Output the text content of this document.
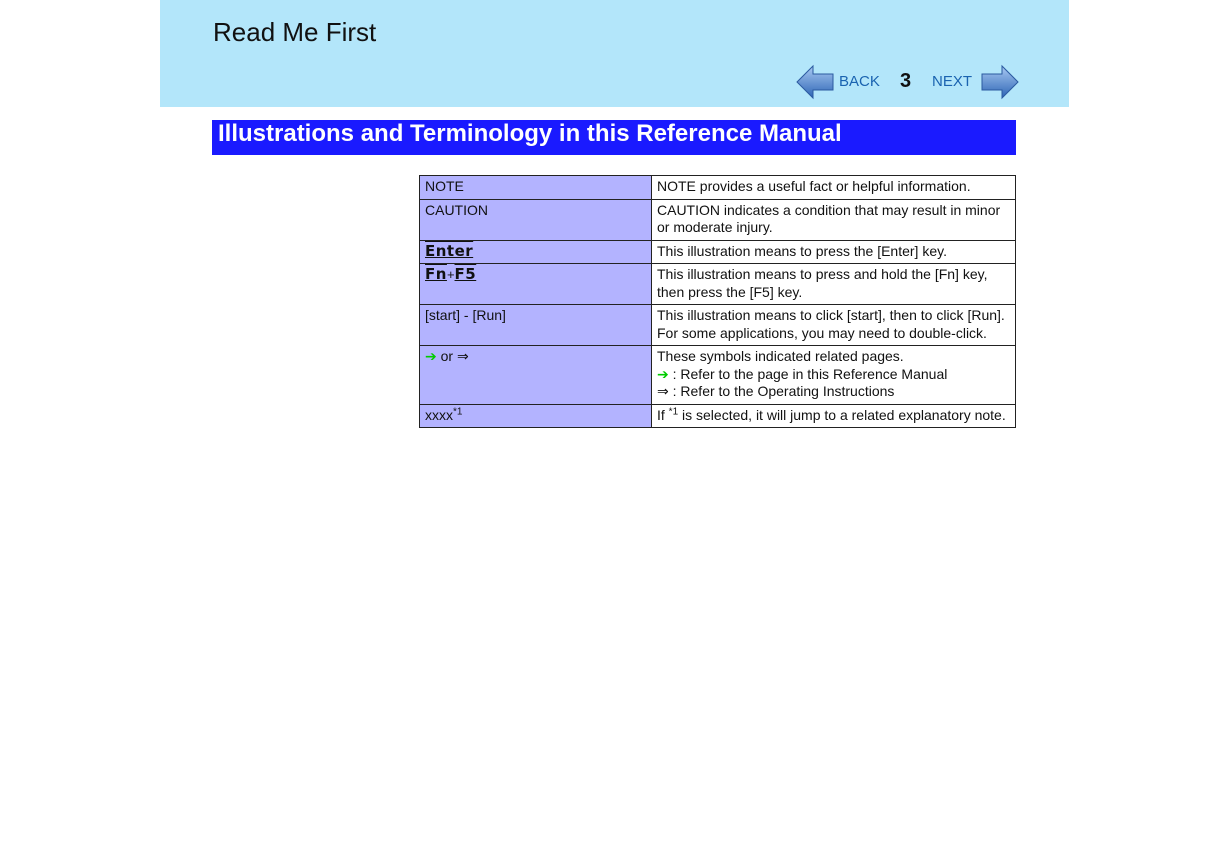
Read Me First
BACK 3 NEXT
Illustrations and Terminology in this Reference Manual
NOTE	NOTE provides a useful fact or helpful information.
CAUTION	CAUTION indicates a condition that may result in minor or moderate injury.
Enter	This illustration means to press the [Enter] key.
Fn+F5	This illustration means to press and hold the [Fn] key, then press the [F5] key.
[start] - [Run]	This illustration means to click [start], then to click [Run]. For some applications, you may need to double-click.
➔ or ⇒	These symbols indicated related pages.
➔ : Refer to the page in this Reference Manual
⇒ : Refer to the Operating Instructions

xxxx$^{*1}$	If $^{*1}$ is selected, it will jump to a related explanatory note.
